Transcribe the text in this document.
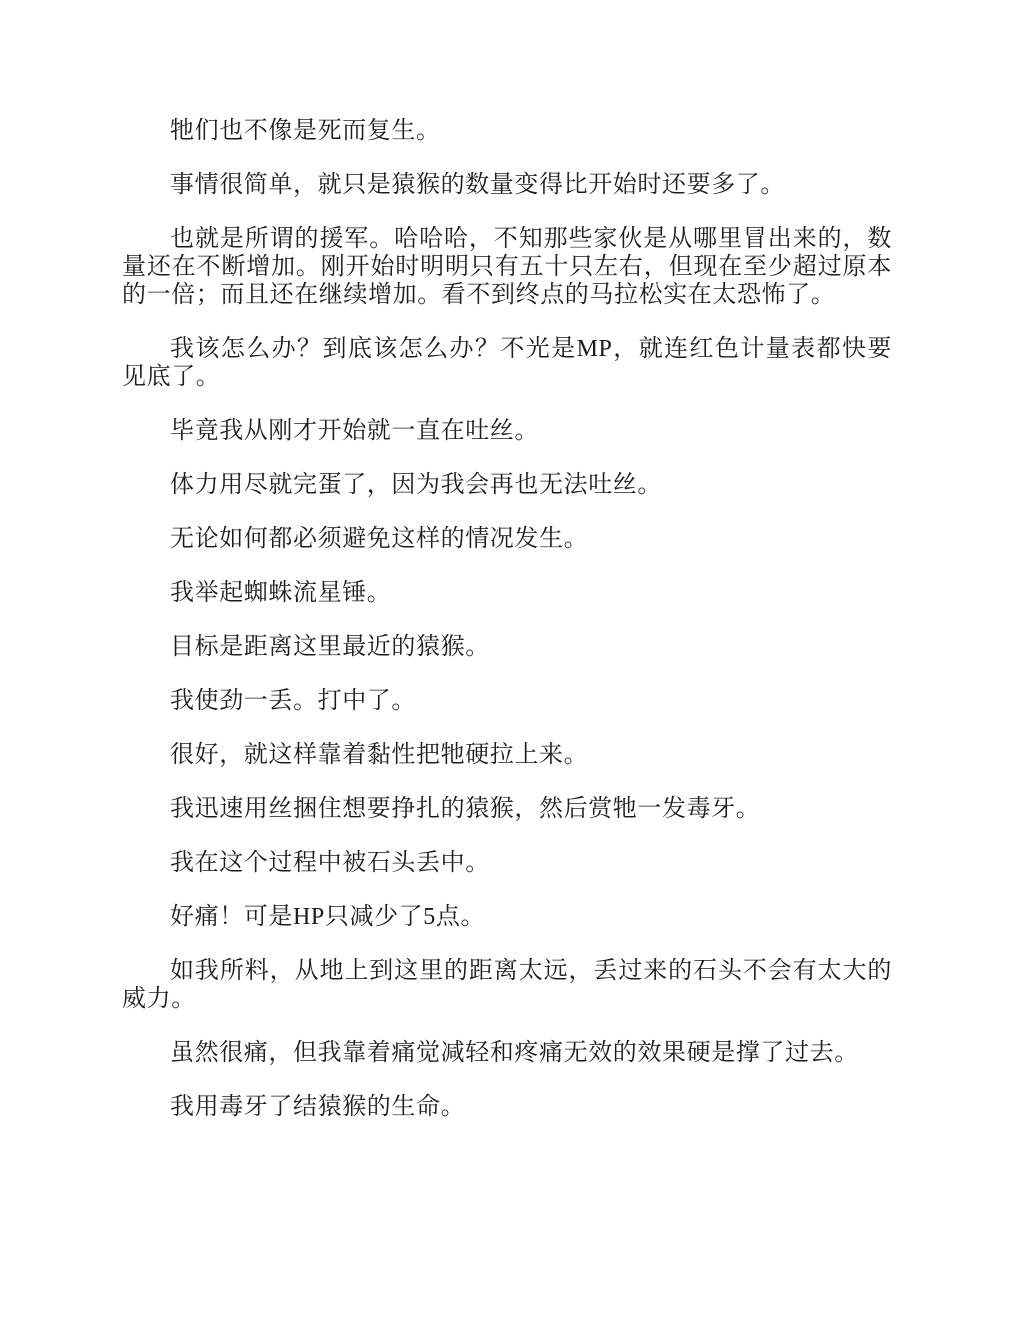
牠们也不像是死而复生。

事情很简单，就只是猿猴的数量变得比开始时还要多了。

也就是所谓的援军。哈哈哈，不知那些家伙是从哪里冒出来的，数量还在不断增加。刚开始时明明只有五十只左右，但现在至少超过原本的一倍；而且还在继续增加。看不到终点的马拉松实在太恐怖了。

我该怎么办？到底该怎么办？不光是MP，就连红色计量表都快要见底了。

毕竟我从刚才开始就一直在吐丝。

体力用尽就完蛋了，因为我会再也无法吐丝。

无论如何都必须避免这样的情况发生。

我举起蜘蛛流星锤。

目标是距离这里最近的猿猴。

我使劲一丢。打中了。

很好，就这样靠着黏性把牠硬拉上来。

我迅速用丝捆住想要挣扎的猿猴，然后赏牠一发毒牙。

我在这个过程中被石头丢中。

好痛！可是HP只减少了5点。

如我所料，从地上到这里的距离太远，丢过来的石头不会有太大的威力。

虽然很痛，但我靠着痛觉减轻和疼痛无效的效果硬是撑了过去。

我用毒牙了结猿猴的生命。
